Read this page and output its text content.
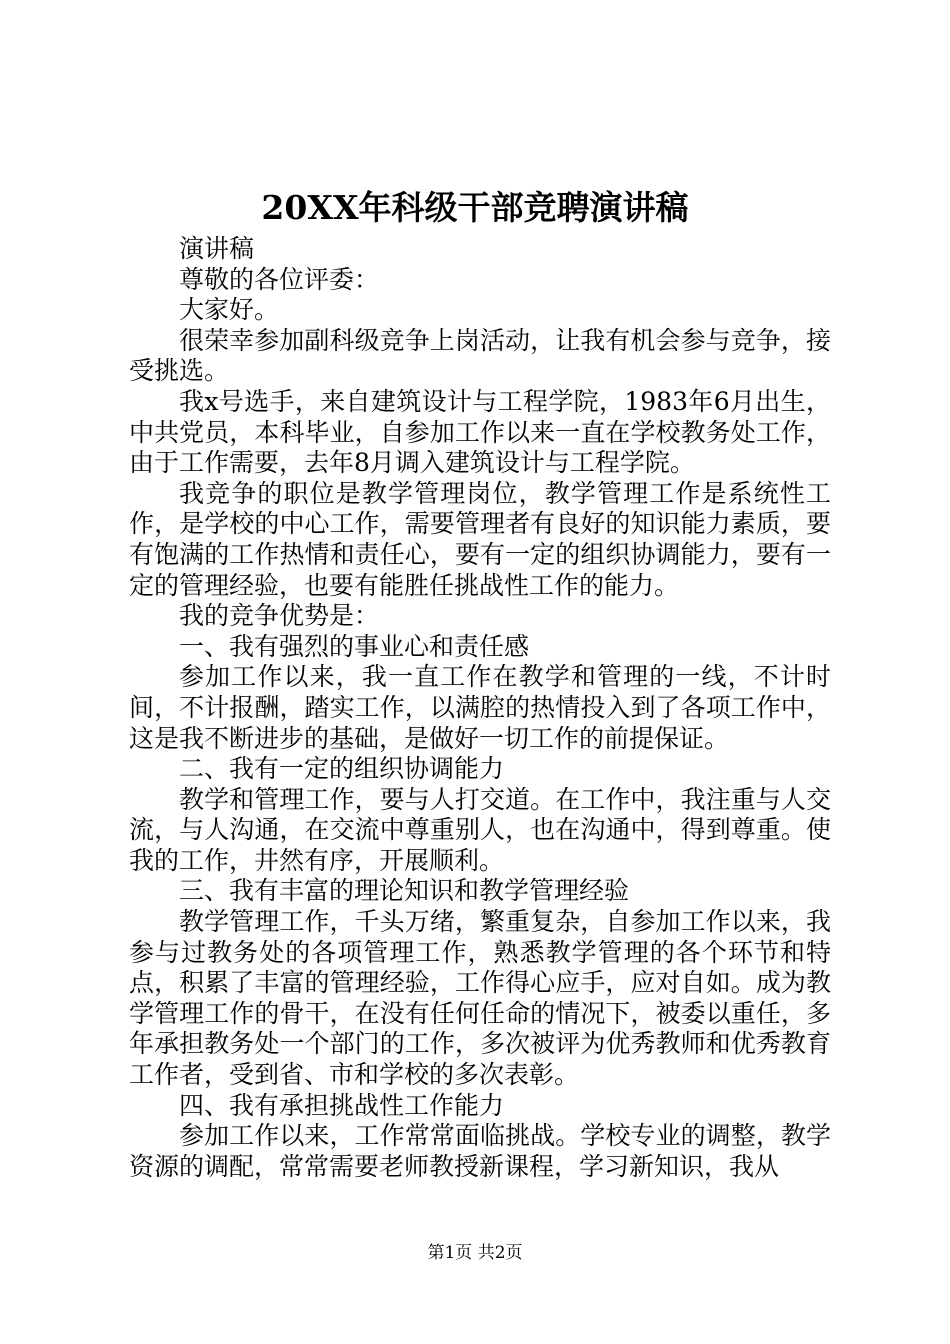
20XX年科级干部竞聘演讲稿

演讲稿

尊敬的各位评委：

大家好。

很荣幸参加副科级竞争上岗活动，让我有机会参与竞争，接受挑选。

我x号选手，来自建筑设计与工程学院，1983年6月出生，中共党员，本科毕业，自参加工作以来一直在学校教务处工作，由于工作需要，去年8月调入建筑设计与工程学院。

我竞争的职位是教学管理岗位，教学管理工作是系统性工作，是学校的中心工作，需要管理者有良好的知识能力素质，要有饱满的工作热情和责任心，要有一定的组织协调能力，要有一定的管理经验，也要有能胜任挑战性工作的能力。

我的竞争优势是：

一、我有强烈的事业心和责任感

参加工作以来，我一直工作在教学和管理的一线，不计时间，不计报酬，踏实工作，以满腔的热情投入到了各项工作中，这是我不断进步的基础，是做好一切工作的前提保证。

二、我有一定的组织协调能力

教学和管理工作，要与人打交道。在工作中，我注重与人交流，与人沟通，在交流中尊重别人，也在沟通中，得到尊重。使我的工作，井然有序，开展顺利。

三、我有丰富的理论知识和教学管理经验

教学管理工作，千头万绪，繁重复杂，自参加工作以来，我参与过教务处的各项管理工作，熟悉教学管理的各个环节和特点，积累了丰富的管理经验，工作得心应手，应对自如。成为教学管理工作的骨干，在没有任何任命的情况下，被委以重任，多年承担教务处一个部门的工作，多次被评为优秀教师和优秀教育工作者，受到省、市和学校的多次表彰。

四、我有承担挑战性工作能力

参加工作以来，工作常常面临挑战。学校专业的调整，教学资源的调配，常常需要老师教授新课程，学习新知识，我从

第1页 共2页
